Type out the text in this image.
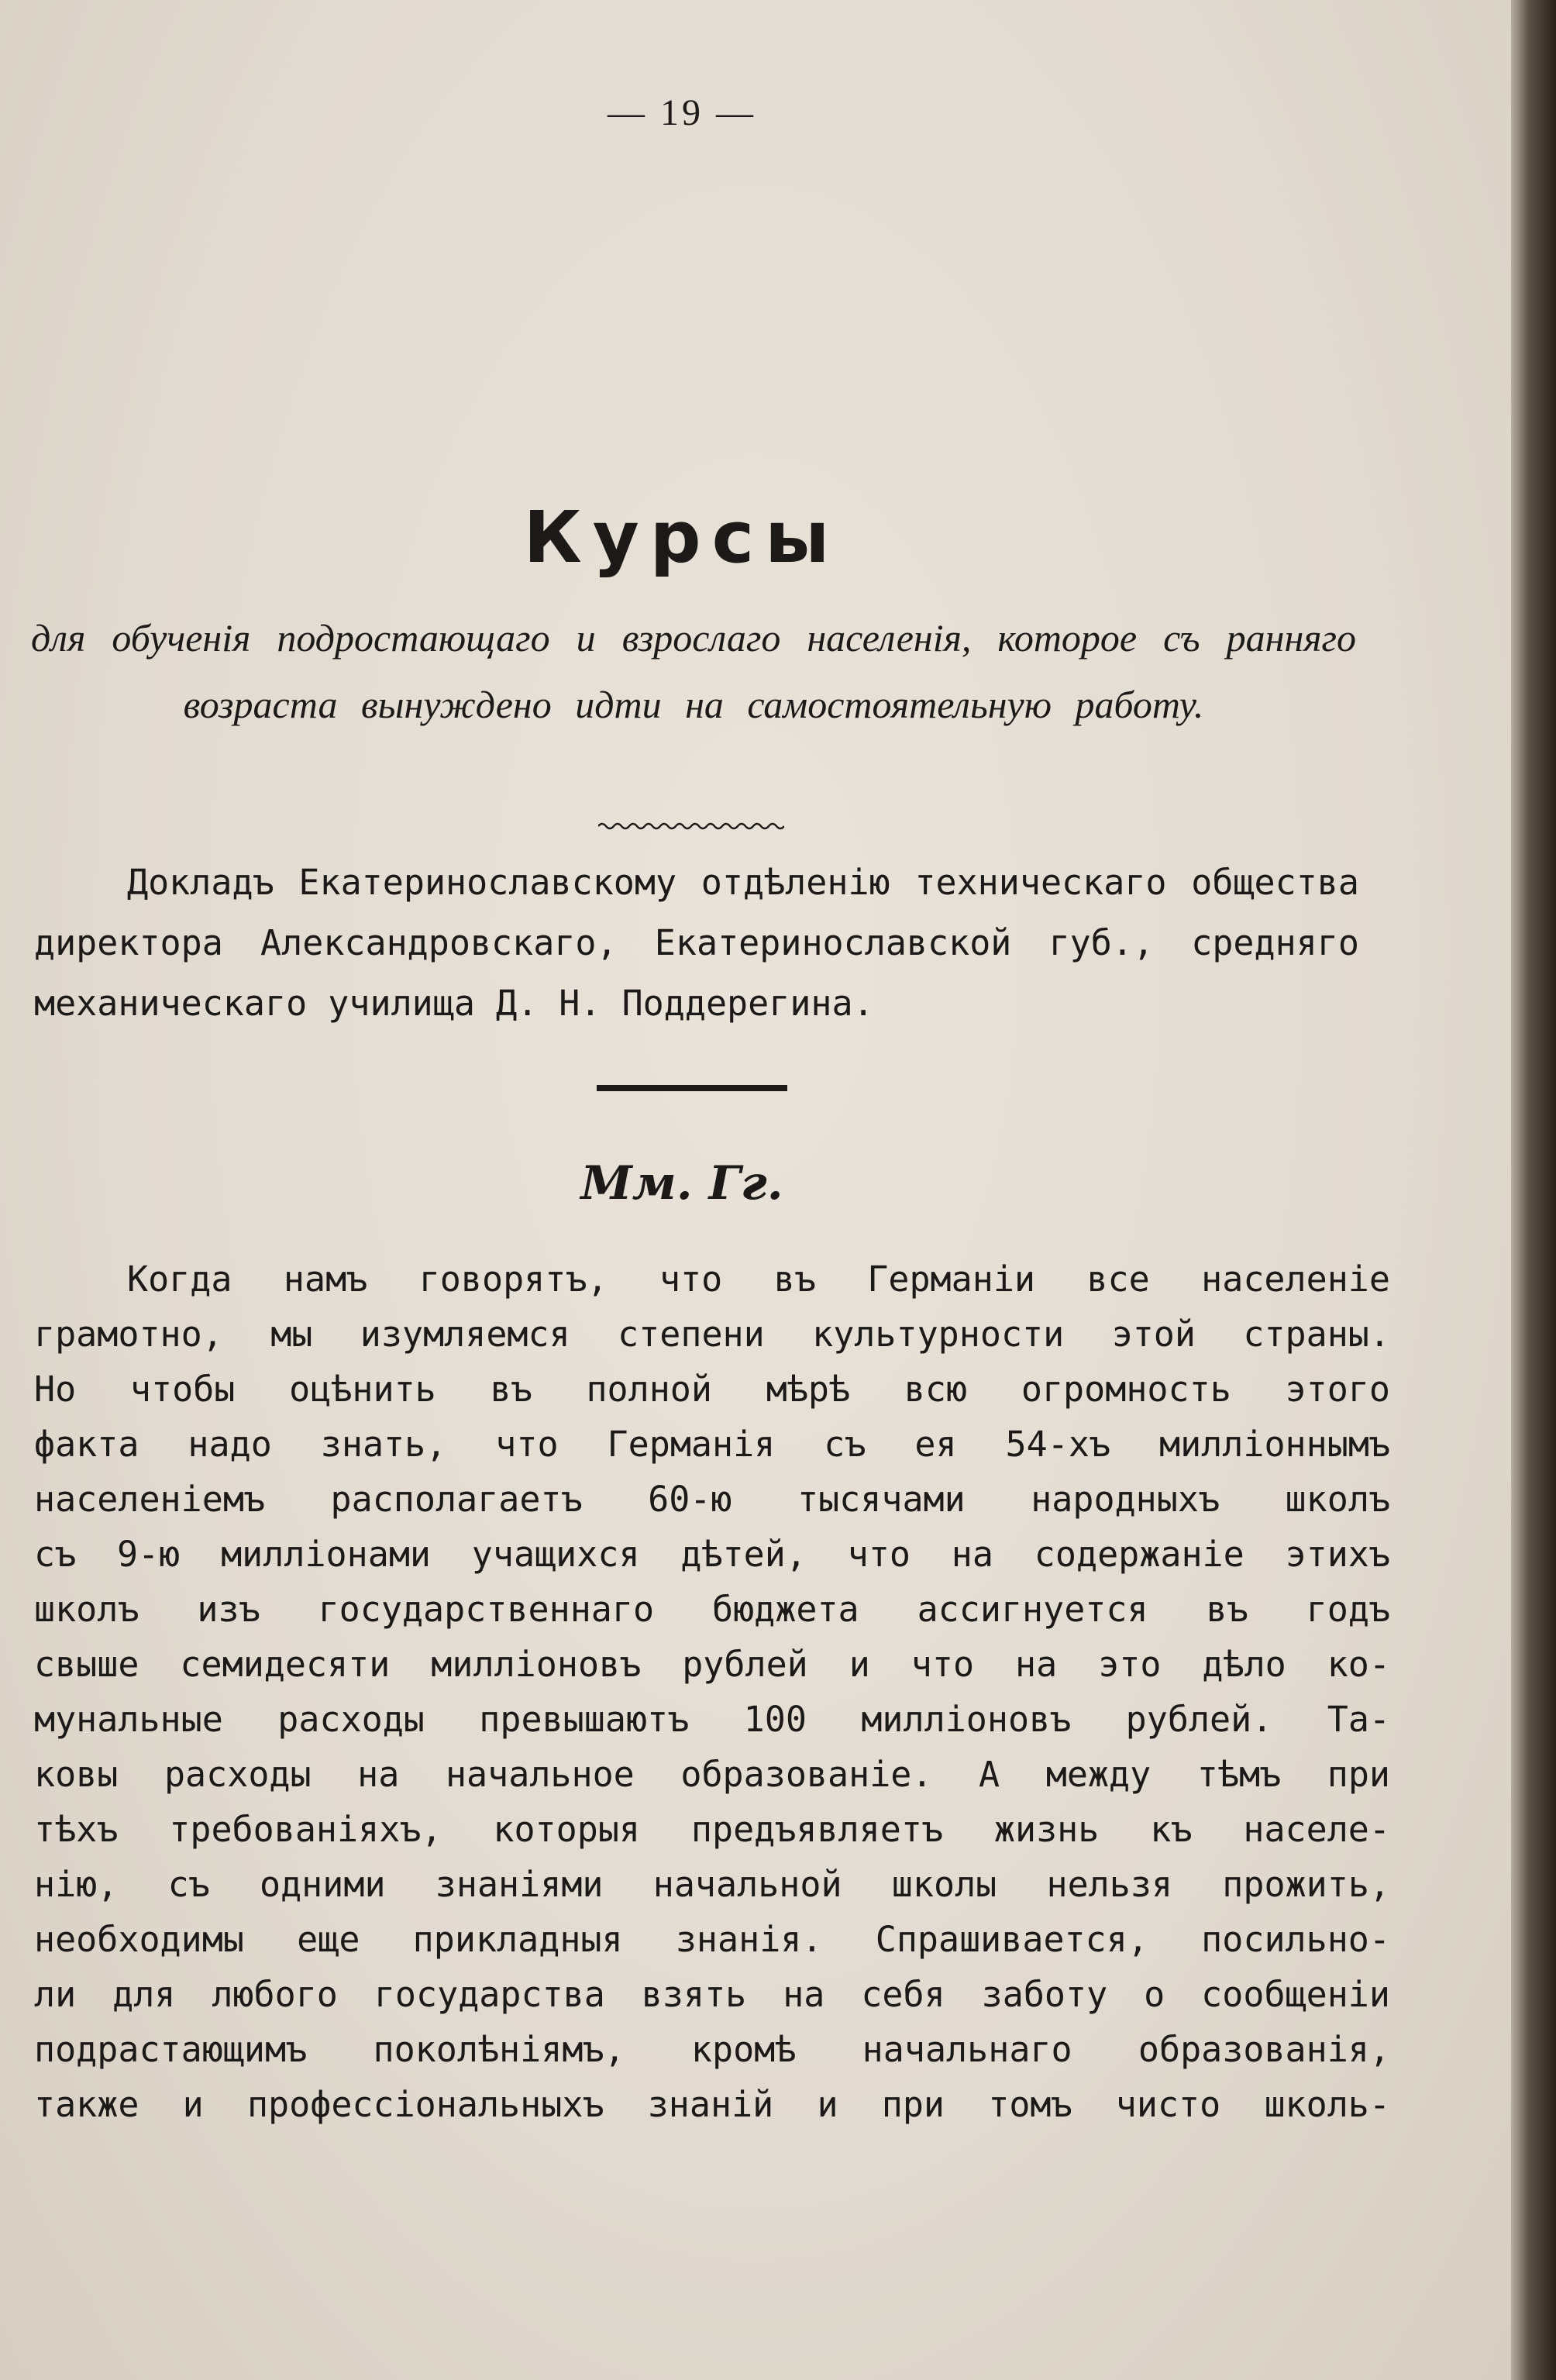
— 19 —
Курсы
для обученія подростающаго и взрослаго населенія, которое съ ранняго возраста вынуждено идти на самостоятельную работу.

Докладъ Екатеринославскому отдѣленію техническаго общества директора Александровскаго, Екатеринославской губ., средняго механическаго училища Д. Н. Поддерегина.

Мм. Гг.
Когда намъ говорятъ, что въ Германіи все населеніе
грамотно, мы изумляемся степени культурности этой страны.
Но чтобы оцѣнить въ полной мѣрѣ всю огромность этого
факта надо знать, что Германія съ ея 54-хъ милліоннымъ
населеніемъ располагаетъ 60-ю тысячами народныхъ школъ
съ 9-ю милліонами учащихся дѣтей, что на содержаніе этихъ
школъ изъ государственнаго бюджета ассигнуется въ годъ
свыше семидесяти милліоновъ рублей и что на это дѣло ко-
мунальные расходы превышаютъ 100 милліоновъ рублей. Та-
ковы расходы на начальное образованіе. А между тѣмъ при
тѣхъ требованіяхъ, которыя предъявляетъ жизнь къ населе-
нію, съ одними знаніями начальной школы нельзя прожить,
необходимы еще прикладныя знанія. Спрашивается, посильно-
ли для любого государства взять на себя заботу о сообщеніи
подрастающимъ поколѣніямъ, кромѣ начальнаго образованія,
также и профессіональныхъ знаній и при томъ чисто школь-
